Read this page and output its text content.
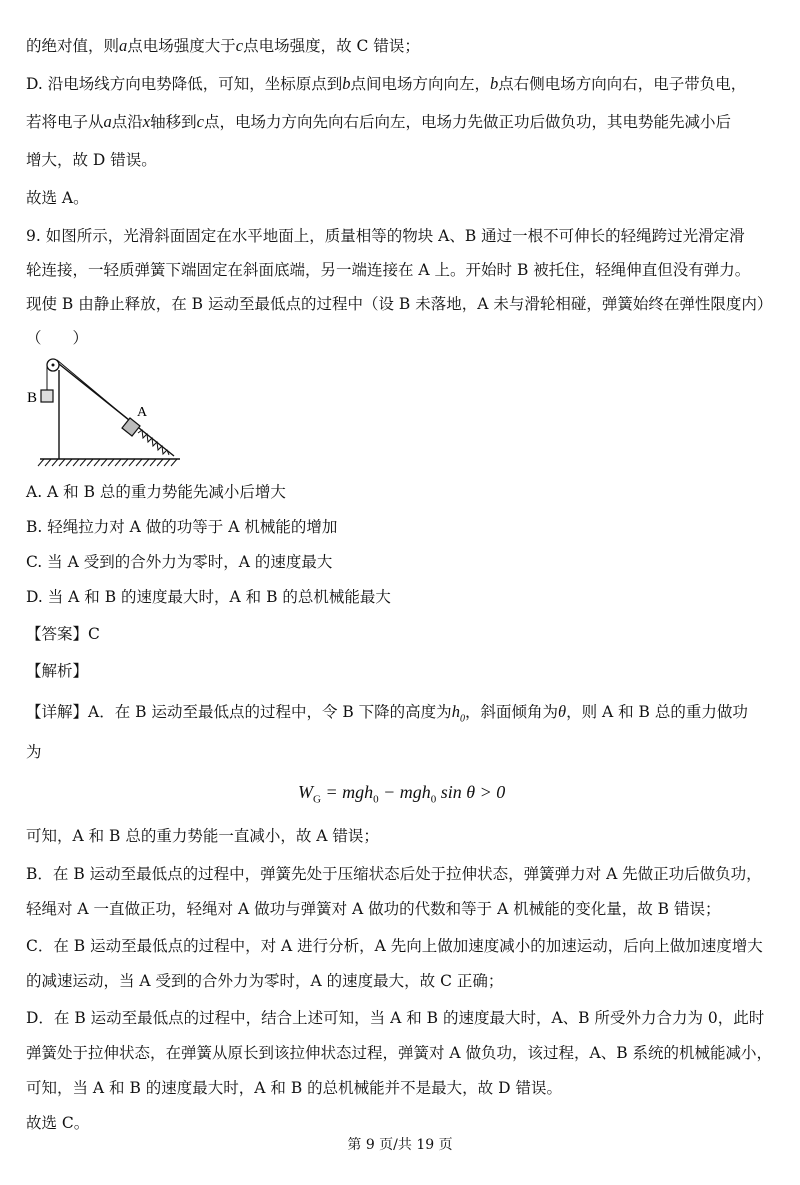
的绝对值，则a点电场强度大于c点电场强度，故 C 错误；
D. 沿电场线方向电势降低，可知，坐标原点到b点间电场方向向左，b点右侧电场方向向右，电子带负电，
若将电子从a点沿x轴移到c点，电场力方向先向右后向左，电场力先做正功后做负功，其电势能先减小后
增大，故 D 错误。
故选 A。
9. 如图所示，光滑斜面固定在水平地面上，质量相等的物块 A、B 通过一根不可伸长的轻绳跨过光滑定滑
轮连接，一轻质弹簧下端固定在斜面底端，另一端连接在 A 上。开始时 B 被托住，轻绳伸直但没有弹力。
现使 B 由静止释放，在 B 运动至最低点的过程中（设 B 未落地，A 未与滑轮相碰，弹簧始终在弹性限度内）
（　　）
B
A
A. A 和 B 总的重力势能先减小后增大
B. 轻绳拉力对 A 做的功等于 A 机械能的增加
C. 当 A 受到的合外力为零时，A 的速度最大
D. 当 A 和 B 的速度最大时，A 和 B 的总机械能最大
【答案】C
【解析】
【详解】A．在 B 运动至最低点的过程中，令 B 下降的高度为$h_0$，斜面倾角为θ，则 A 和 B 总的重力做功
为
$W_G = mgh_0 - mgh_0$ sin θ > 0
可知，A 和 B 总的重力势能一直减小，故 A 错误；
B．在 B 运动至最低点的过程中，弹簧先处于压缩状态后处于拉伸状态，弹簧弹力对 A 先做正功后做负功，
轻绳对 A 一直做正功，轻绳对 A 做功与弹簧对 A 做功的代数和等于 A 机械能的变化量，故 B 错误；
C．在 B 运动至最低点的过程中，对 A 进行分析，A 先向上做加速度减小的加速运动，后向上做加速度增大
的减速运动，当 A 受到的合外力为零时，A 的速度最大，故 C 正确；
D．在 B 运动至最低点的过程中，结合上述可知，当 A 和 B 的速度最大时，A、B 所受外力合力为 0，此时
弹簧处于拉伸状态，在弹簧从原长到该拉伸状态过程，弹簧对 A 做负功，该过程，A、B 系统的机械能减小，
可知，当 A 和 B 的速度最大时，A 和 B 的总机械能并不是最大，故 D 错误。
故选 C。
第 9 页/共 19 页
